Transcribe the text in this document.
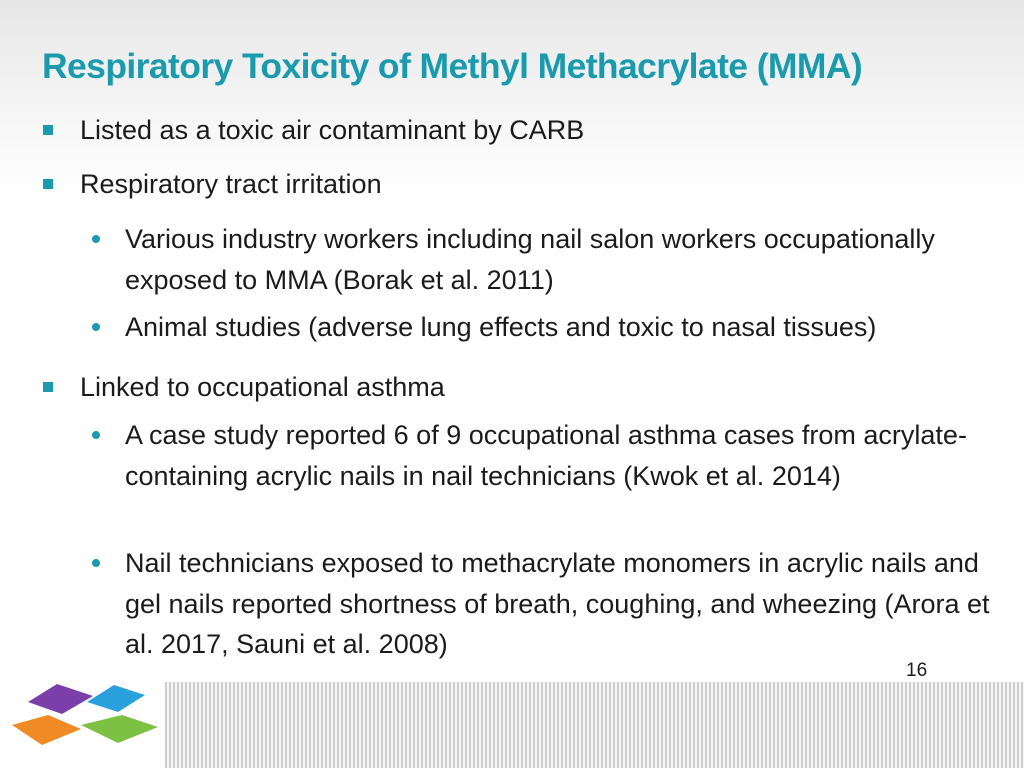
Respiratory Toxicity of Methyl Methacrylate (MMA)
Listed as a toxic air contaminant by CARB
Respiratory tract irritation
Various industry workers including nail salon workers occupationally exposed to MMA (Borak et al. 2011)
Animal studies (adverse lung effects and toxic to nasal tissues)
Linked to occupational asthma
A case study reported 6 of 9 occupational asthma cases from acrylate-containing acrylic nails in nail technicians (Kwok et al. 2014)
Nail technicians exposed to methacrylate monomers in acrylic nails and gel nails reported shortness of breath, coughing, and wheezing (Arora et al. 2017, Sauni et al. 2008)
16
